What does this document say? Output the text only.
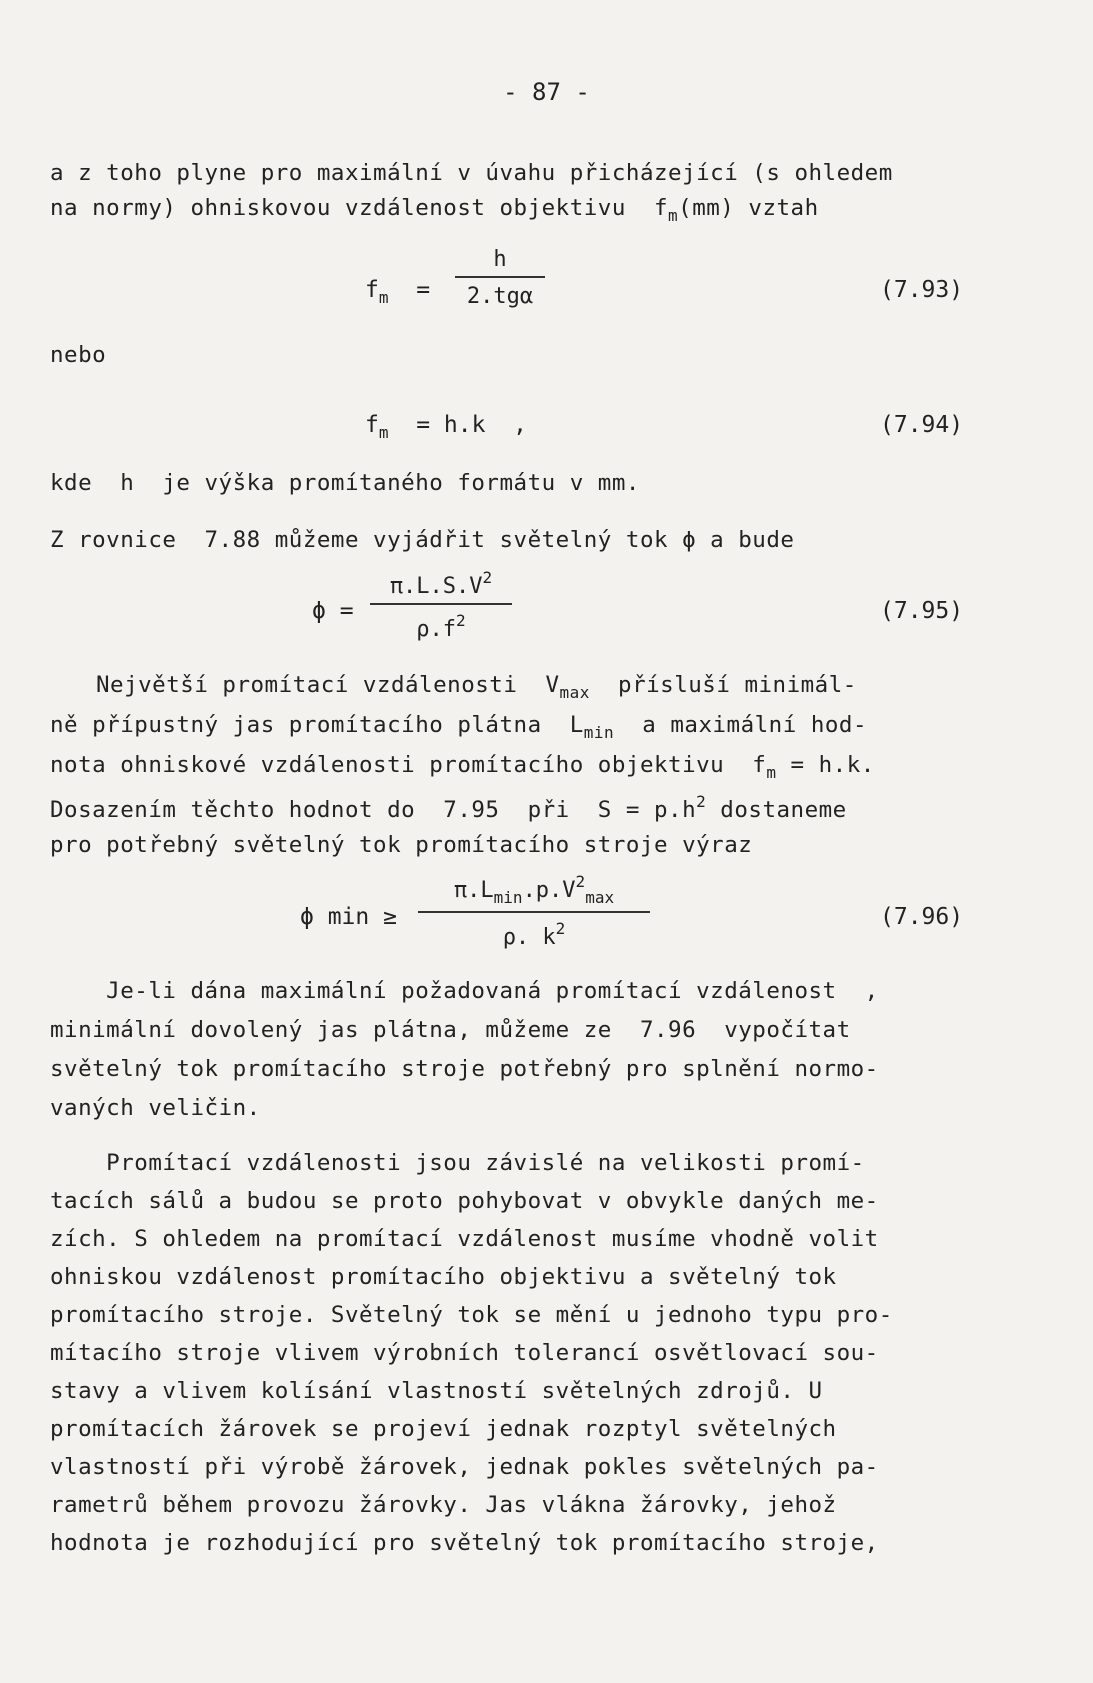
- 87 -
a z toho plyne pro maximální v úvahu přicházející (s ohledem
na normy) ohniskovou vzdálenost objektivu  $f_m(mm)$ vztah
$f_m$ =
h
2.tgα	(7.93)
nebo
$f_m = h.k$  ,	(7.94)
kde  h  je výška promítaného formátu v mm.
Z rovnice  7.88 můžeme vyjádřit světelný tok ϕ a bude
ϕ =
$\pi.L.S.V^2$
$\rho.f^2$	(7.95)
Největší promítací vzdálenosti  $V_{max}$  přísluší minimál-
ně přípustný jas promítacího plátna  $L_{min}$  a maximální hod-
nota ohniskové vzdálenosti promítacího objektivu  $f_m = h.k$.
Dosazením těchto hodnot do  7.95  při  $S = p.h^2$ dostaneme
pro potřebný světelný tok promítacího stroje výraz
ϕ min ≥
$\pi.L_{min}.p.V^2_{max}$
ρ. $k^2$	(7.96)
Je-li dána maximální požadovaná promítací vzdálenost  ,
minimální dovolený jas plátna, můžeme ze  7.96  vypočítat
světelný tok promítacího stroje potřebný pro splnění normo-
vaných veličin.
Promítací vzdálenosti jsou závislé na velikosti promí-
tacích sálů a budou se proto pohybovat v obvykle daných me-
zích. S ohledem na promítací vzdálenost musíme vhodně volit
ohniskou vzdálenost promítacího objektivu a světelný tok
promítacího stroje. Světelný tok se mění u jednoho typu pro-
mítacího stroje vlivem výrobních tolerancí osvětlovací sou-
stavy a vlivem kolísání vlastností světelných zdrojů. U
promítacích žárovek se projeví jednak rozptyl světelných
vlastností při výrobě žárovek, jednak pokles světelných pa-
rametrů během provozu žárovky. Jas vlákna žárovky, jehož
hodnota je rozhodující pro světelný tok promítacího stroje,
